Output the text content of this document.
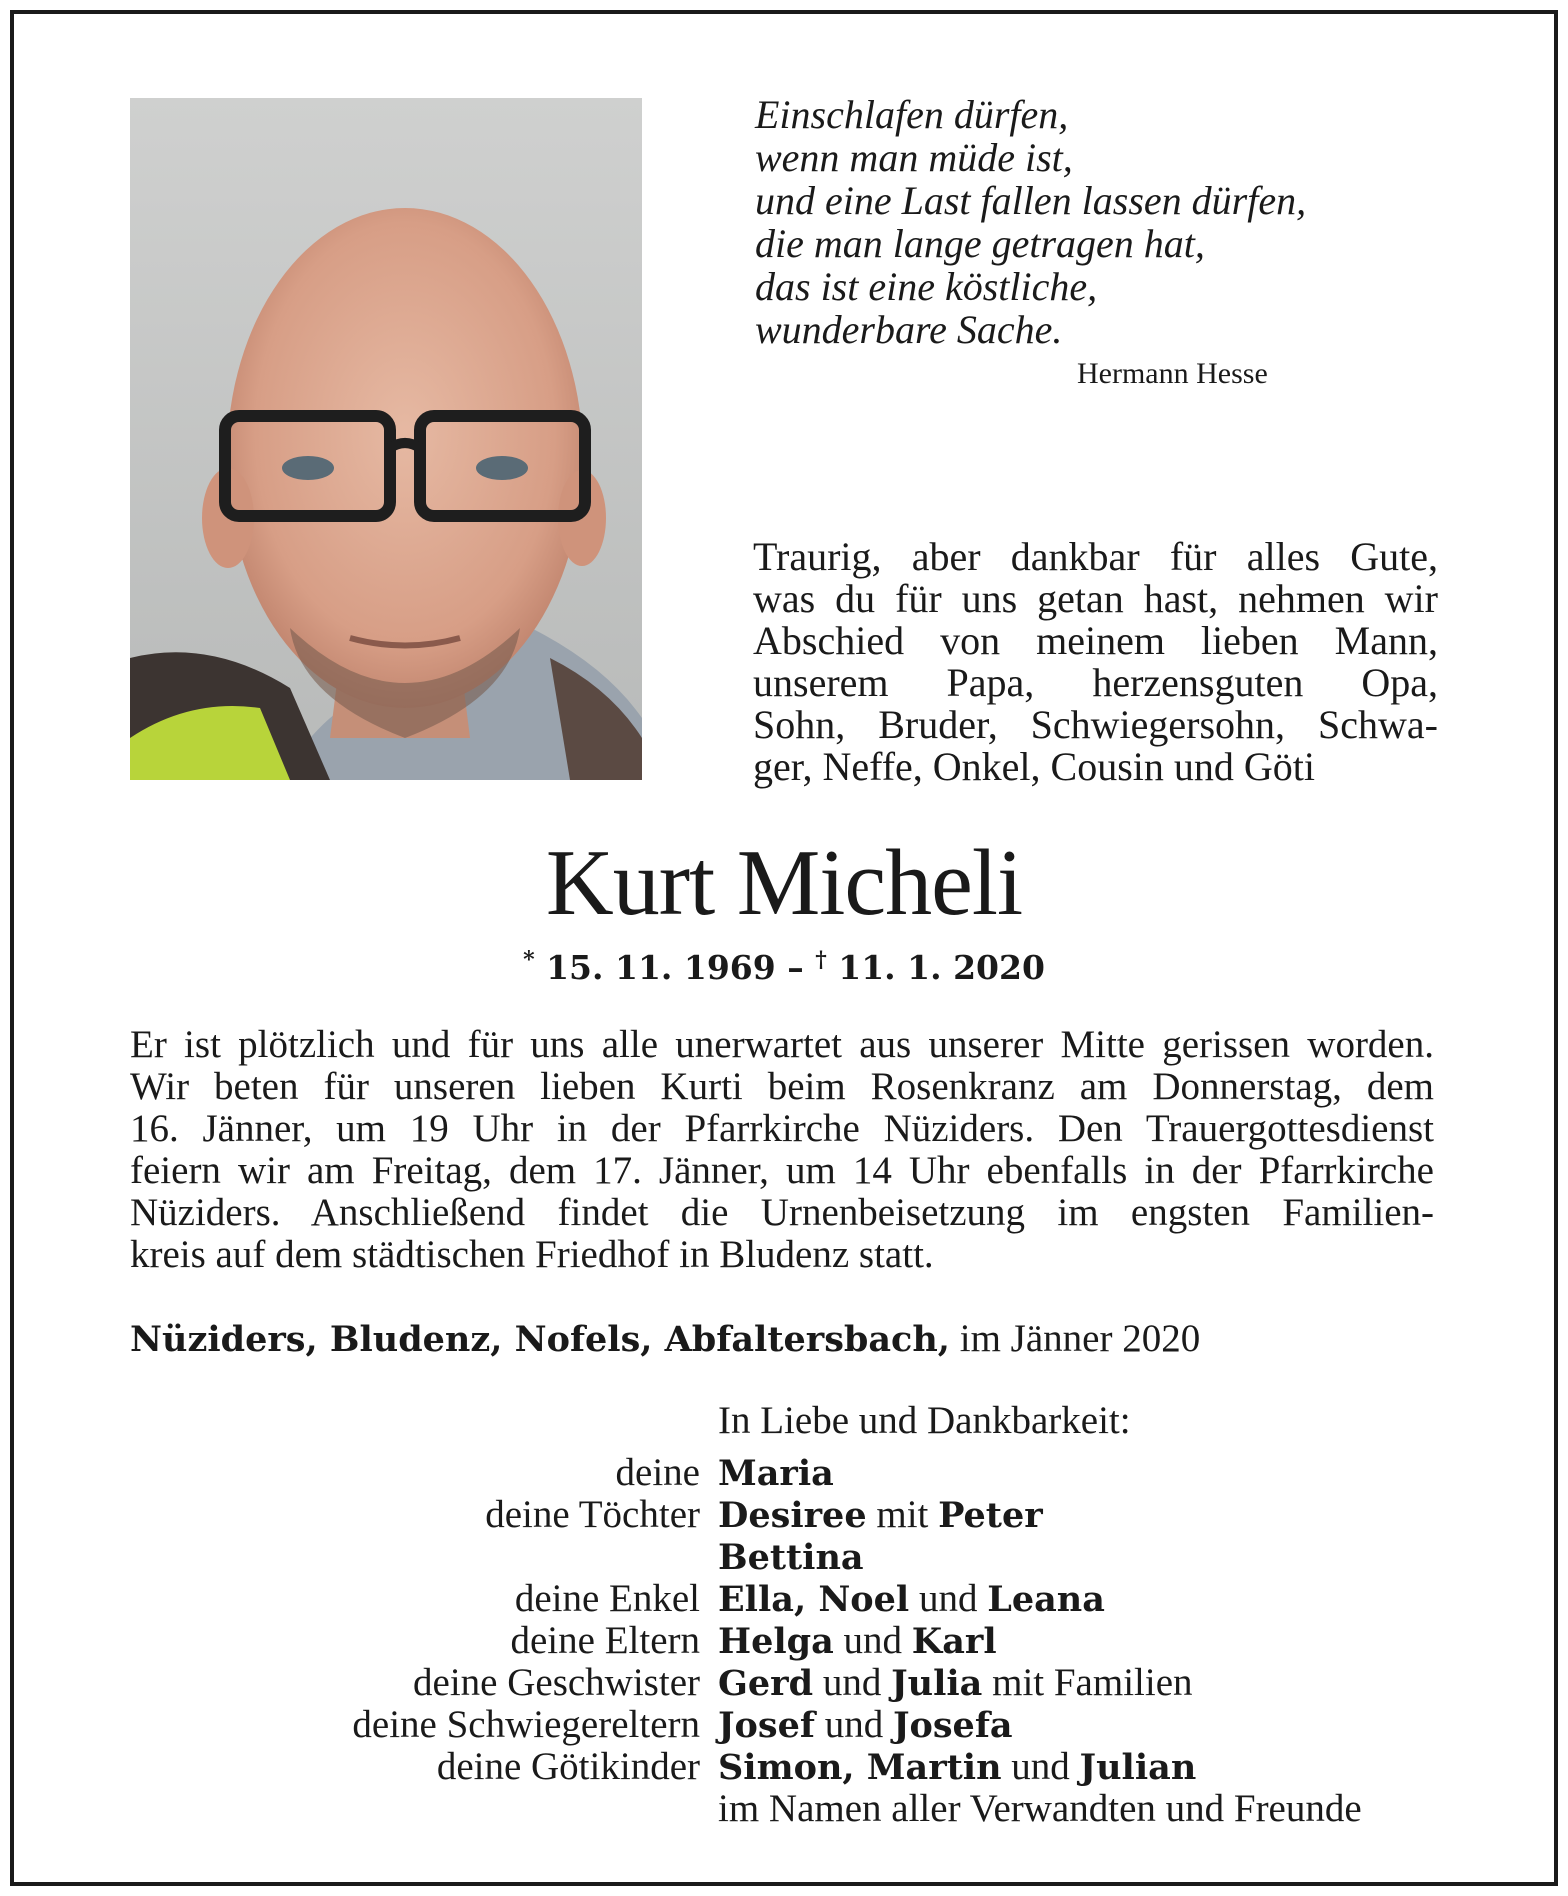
Einschlafen dürfen,
wenn man müde ist,
und eine Last fallen lassen dürfen,
die man lange getragen hat,
das ist eine köstliche,
wunderbare Sache.
Hermann Hesse
Traurig, aber dankbar für alles Gute,
was du für uns getan hast, nehmen wir
Abschied von meinem lieben Mann,
unserem Papa, herzensguten Opa,
Sohn, Bruder, Schwiegersohn, Schwa-
ger, Neffe, Onkel, Cousin und Göti
Kurt Micheli
* 15. 11. 1969 – † 11. 1. 2020
Er ist plötzlich und für uns alle unerwartet aus unserer Mitte gerissen worden.
Wir beten für unseren lieben Kurti beim Rosenkranz am Donnerstag, dem
16. Jänner, um 19 Uhr in der Pfarrkirche Nüziders. Den Trauergottesdienst
feiern wir am Freitag, dem 17. Jänner, um 14 Uhr ebenfalls in der Pfarrkirche
Nüziders. Anschließend findet die Urnenbeisetzung im engsten Familien-
kreis auf dem städtischen Friedhof in Bludenz statt.
Nüziders, Bludenz, Nofels, Abfaltersbach, im Jänner 2020
In Liebe und Dankbarkeit:
deine Maria
deine Töchter Desiree mit Peter
Bettina
deine Enkel Ella, Noel und Leana
deine Eltern Helga und Karl
deine Geschwister Gerd und Julia mit Familien
deine Schwiegereltern Josef und Josefa
deine Götikinder Simon, Martin und Julian
im Namen aller Verwandten und Freunde
